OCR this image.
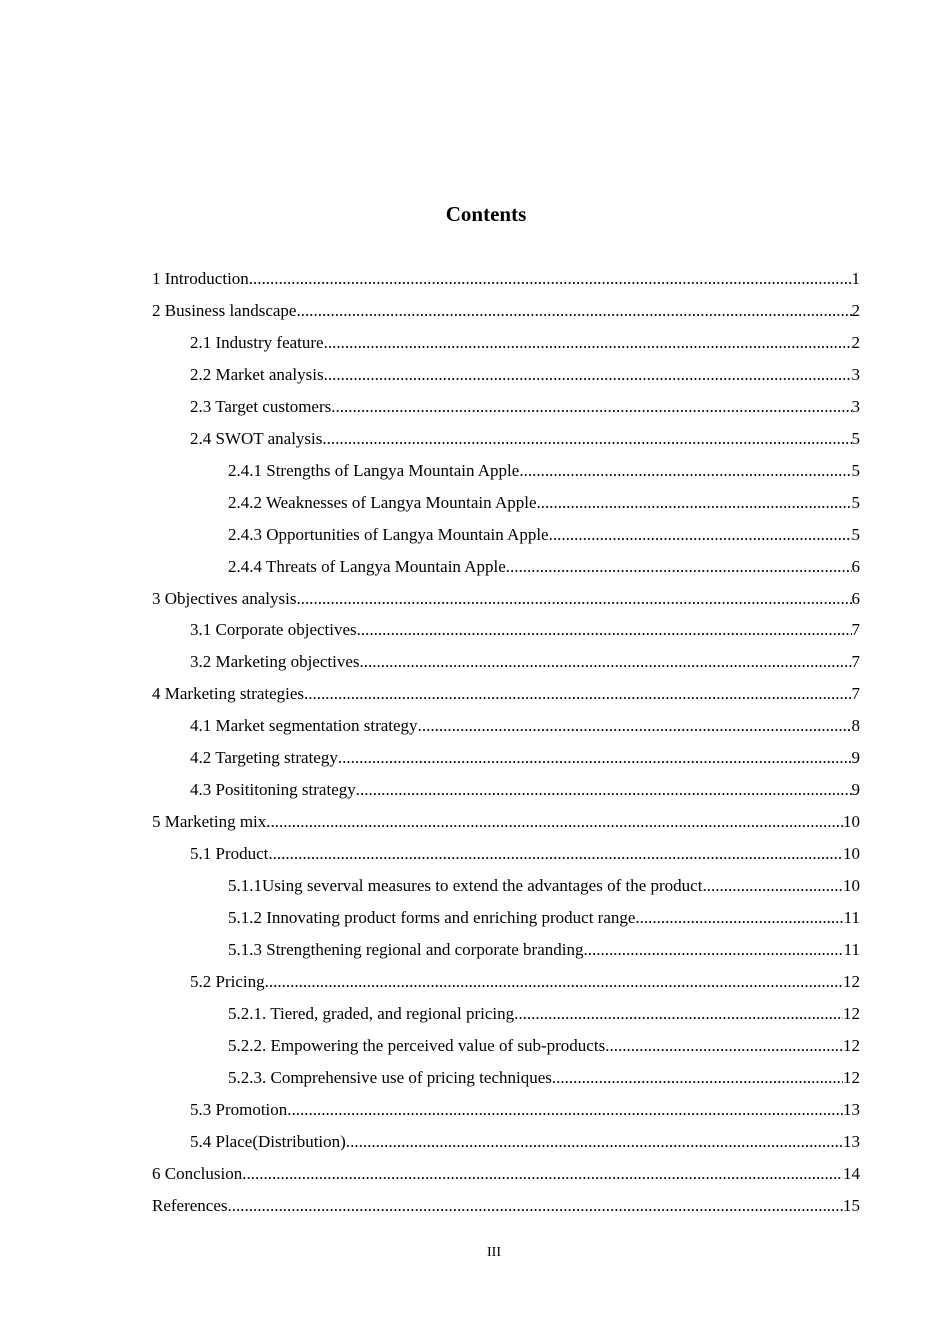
Contents
1 Introduction .....	1
2 Business landscape .....	2
2.1 Industry feature .....	2
2.2 Market analysis .....	3
2.3 Target customers .....	3
2.4 SWOT analysis .....	5
2.4.1 Strengths of Langya Mountain Apple .....	5
2.4.2 Weaknesses of Langya Mountain Apple .....	5
2.4.3 Opportunities of Langya Mountain Apple .....	5
2.4.4 Threats of Langya Mountain Apple .....	6
3 Objectives analysis .....	6
3.1 Corporate objectives .....	7
3.2 Marketing objectives .....	7
4 Marketing strategies .....	7
4.1 Market segmentation strategy .....	8
4.2 Targeting strategy .....	9
4.3 Posititoning strategy .....	9
5 Marketing mix .....	10
5.1 Product .....	10
5.1.1Using severval measures to extend the advantages of the product .....	10
5.1.2 Innovating product forms and enriching product range .....	11
5.1.3 Strengthening regional and corporate branding .....	11
5.2 Pricing .....	12
5.2.1. Tiered, graded, and regional pricing .....	12
5.2.2. Empowering the perceived value of sub-products .....	12
5.2.3. Comprehensive use of pricing techniques .....	12
5.3 Promotion .....	13
5.4 Place(Distribution) .....	13
6 Conclusion .....	14
References .....	15
III
